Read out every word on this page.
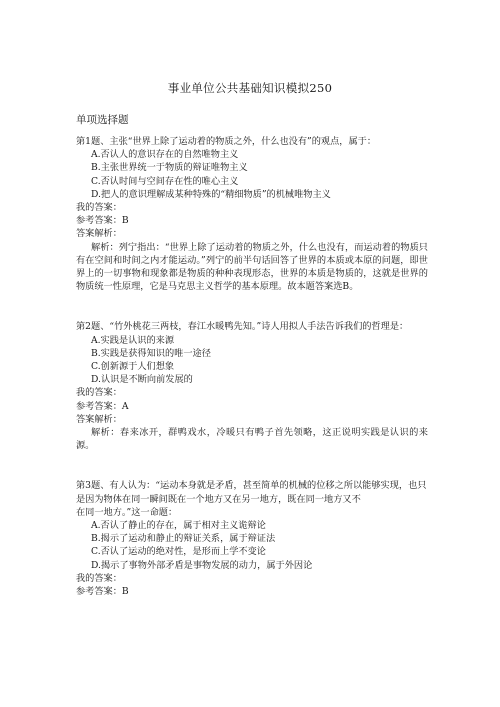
事业单位公共基础知识模拟250
单项选择题

第1题、主张“世界上除了运动着的物质之外，什么也没有”的观点，属于：

A.否认人的意识存在的自然唯物主义

B.主张世界统一于物质的辩证唯物主义

C.否认时间与空间存在性的唯心主义

D.把人的意识理解成某种特殊的“精细物质”的机械唯物主义

我的答案：

参考答案：B

答案解析：

解析：列宁指出：“世界上除了运动着的物质之外，什么也没有，而运动着的物质只有在空间和时间之内才能运动。”列宁的前半句话回答了世界的本质或本原的问题，即世界上的一切事物和现象都是物质的种种表现形态，世界的本质是物质的，这就是世界的物质统一性原理，它是马克思主义哲学的基本原理。故本题答案选B。

第2题、“竹外桃花三两枝，春江水暖鸭先知。”诗人用拟人手法告诉我们的哲理是：

A.实践是认识的来源

B.实践是获得知识的唯一途径

C.创新源于人们想象

D.认识是不断向前发展的

我的答案：

参考答案：A

答案解析：

解析：春来冰开，群鸭戏水，冷暖只有鸭子首先领略，这正说明实践是认识的来源。

第3题、有人认为：“运动本身就是矛盾，甚至简单的机械的位移之所以能够实现，也只是因为物体在同一瞬间既在一个地方又在另一地方，既在同一地方又不

在同一地方。”这一命题：

A.否认了静止的存在，属于相对主义诡辩论

B.揭示了运动和静止的辩证关系，属于辩证法

C.否认了运动的绝对性，是形而上学不变论

D.揭示了事物外部矛盾是事物发展的动力，属于外因论

我的答案：

参考答案：B
